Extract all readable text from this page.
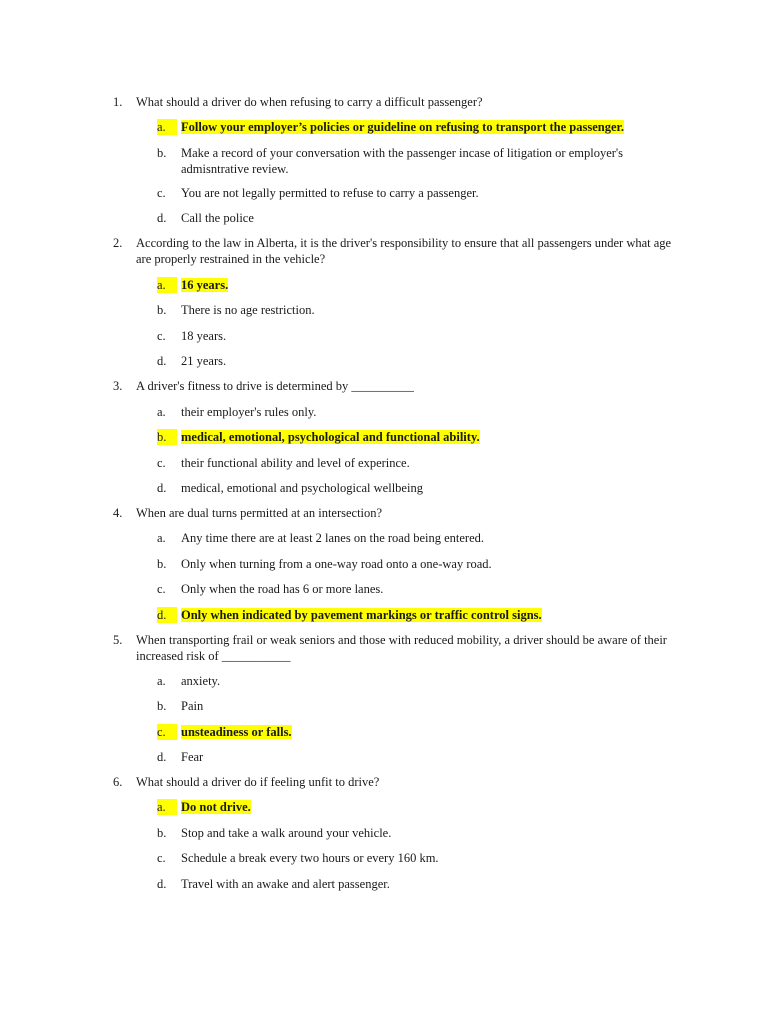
1. What should a driver do when refusing to carry a difficult passenger?
a.	Follow your employer’s policies or guideline on refusing to transport the passenger.
b. Make a record of your conversation with the passenger incase of litigation or employer's admisntrative review.
c. You are not legally permitted to refuse to carry a passenger.
d. Call the police
2. According to the law in Alberta, it is the driver's responsibility to ensure that all passengers under what age are properly restrained in the vehicle?
a.	16 years.
b. There is no age restriction.
c. 18 years.
d. 21 years.
3. A driver's fitness to drive is determined by __________
a. their employer's rules only.
b.	medical, emotional, psychological and functional ability.
c. their functional ability and level of experince.
d. medical, emotional and psychological wellbeing
4. When are dual turns permitted at an intersection?
a. Any time there are at least 2 lanes on the road being entered.
b. Only when turning from a one-way road onto a one-way road.
c. Only when the road has 6 or more lanes.
d.	Only when indicated by pavement markings or traffic control signs.
5. When transporting frail or weak seniors and those with reduced mobility, a driver should be aware of their increased risk of ___________
a. anxiety.
b. Pain
c.	unsteadiness or falls.
d. Fear
6. What should a driver do if feeling unfit to drive?
a.	Do not drive.
b. Stop and take a walk around your vehicle.
c. Schedule a break every two hours or every 160 km.
d. Travel with an awake and alert passenger.
